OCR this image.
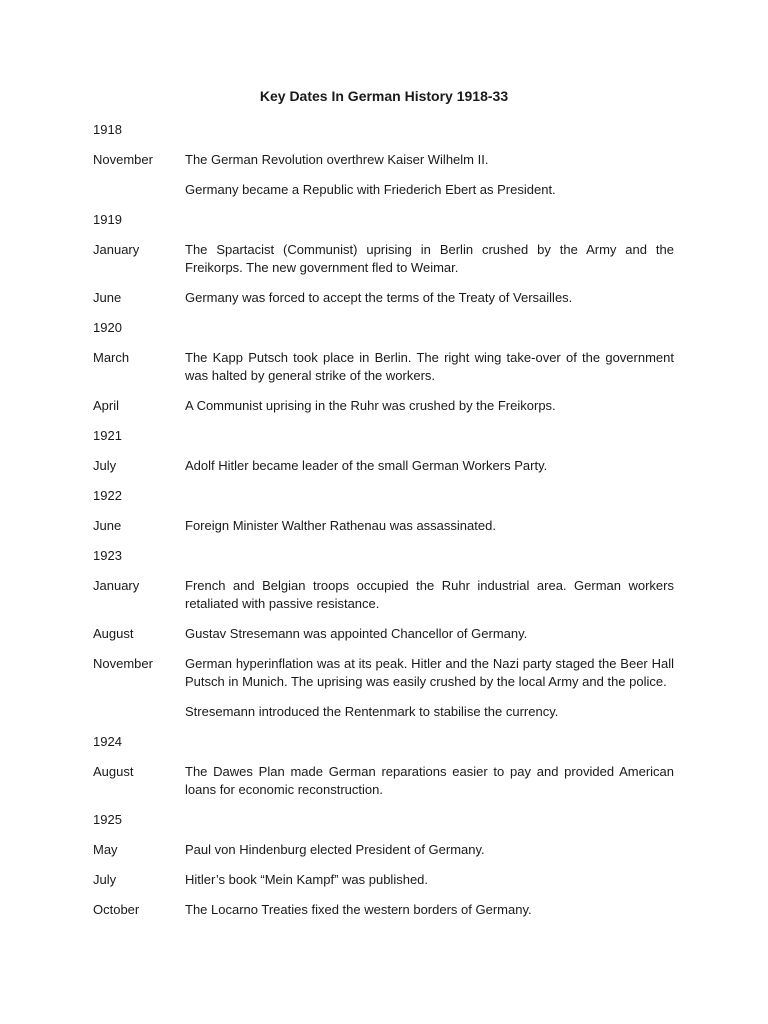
Key Dates In German History 1918-33
1918
November	The German Revolution overthrew Kaiser Wilhelm II.
Germany became a Republic with Friederich Ebert as President.
1919
January	The Spartacist (Communist) uprising in Berlin crushed by the Army and the Freikorps. The new government fled to Weimar.
June	Germany was forced to accept the terms of the Treaty of Versailles.
1920
March	The Kapp Putsch took place in Berlin. The right wing take-over of the government was halted by general strike of the workers.
April	A Communist uprising in the Ruhr was crushed by the Freikorps.
1921
July	Adolf Hitler became leader of the small German Workers Party.
1922
June	Foreign Minister Walther Rathenau was assassinated.
1923
January	French and Belgian troops occupied the Ruhr industrial area. German workers retaliated with passive resistance.
August	Gustav Stresemann was appointed Chancellor of Germany.
November	German hyperinflation was at its peak. Hitler and the Nazi party staged the Beer Hall Putsch in Munich. The uprising was easily crushed by the local Army and the police.
Stresemann introduced the Rentenmark to stabilise the currency.
1924
August	The Dawes Plan made German reparations easier to pay and provided American loans for economic reconstruction.
1925
May	Paul von Hindenburg elected President of Germany.
July	Hitler’s book “Mein Kampf” was published.
October	The Locarno Treaties fixed the western borders of Germany.
